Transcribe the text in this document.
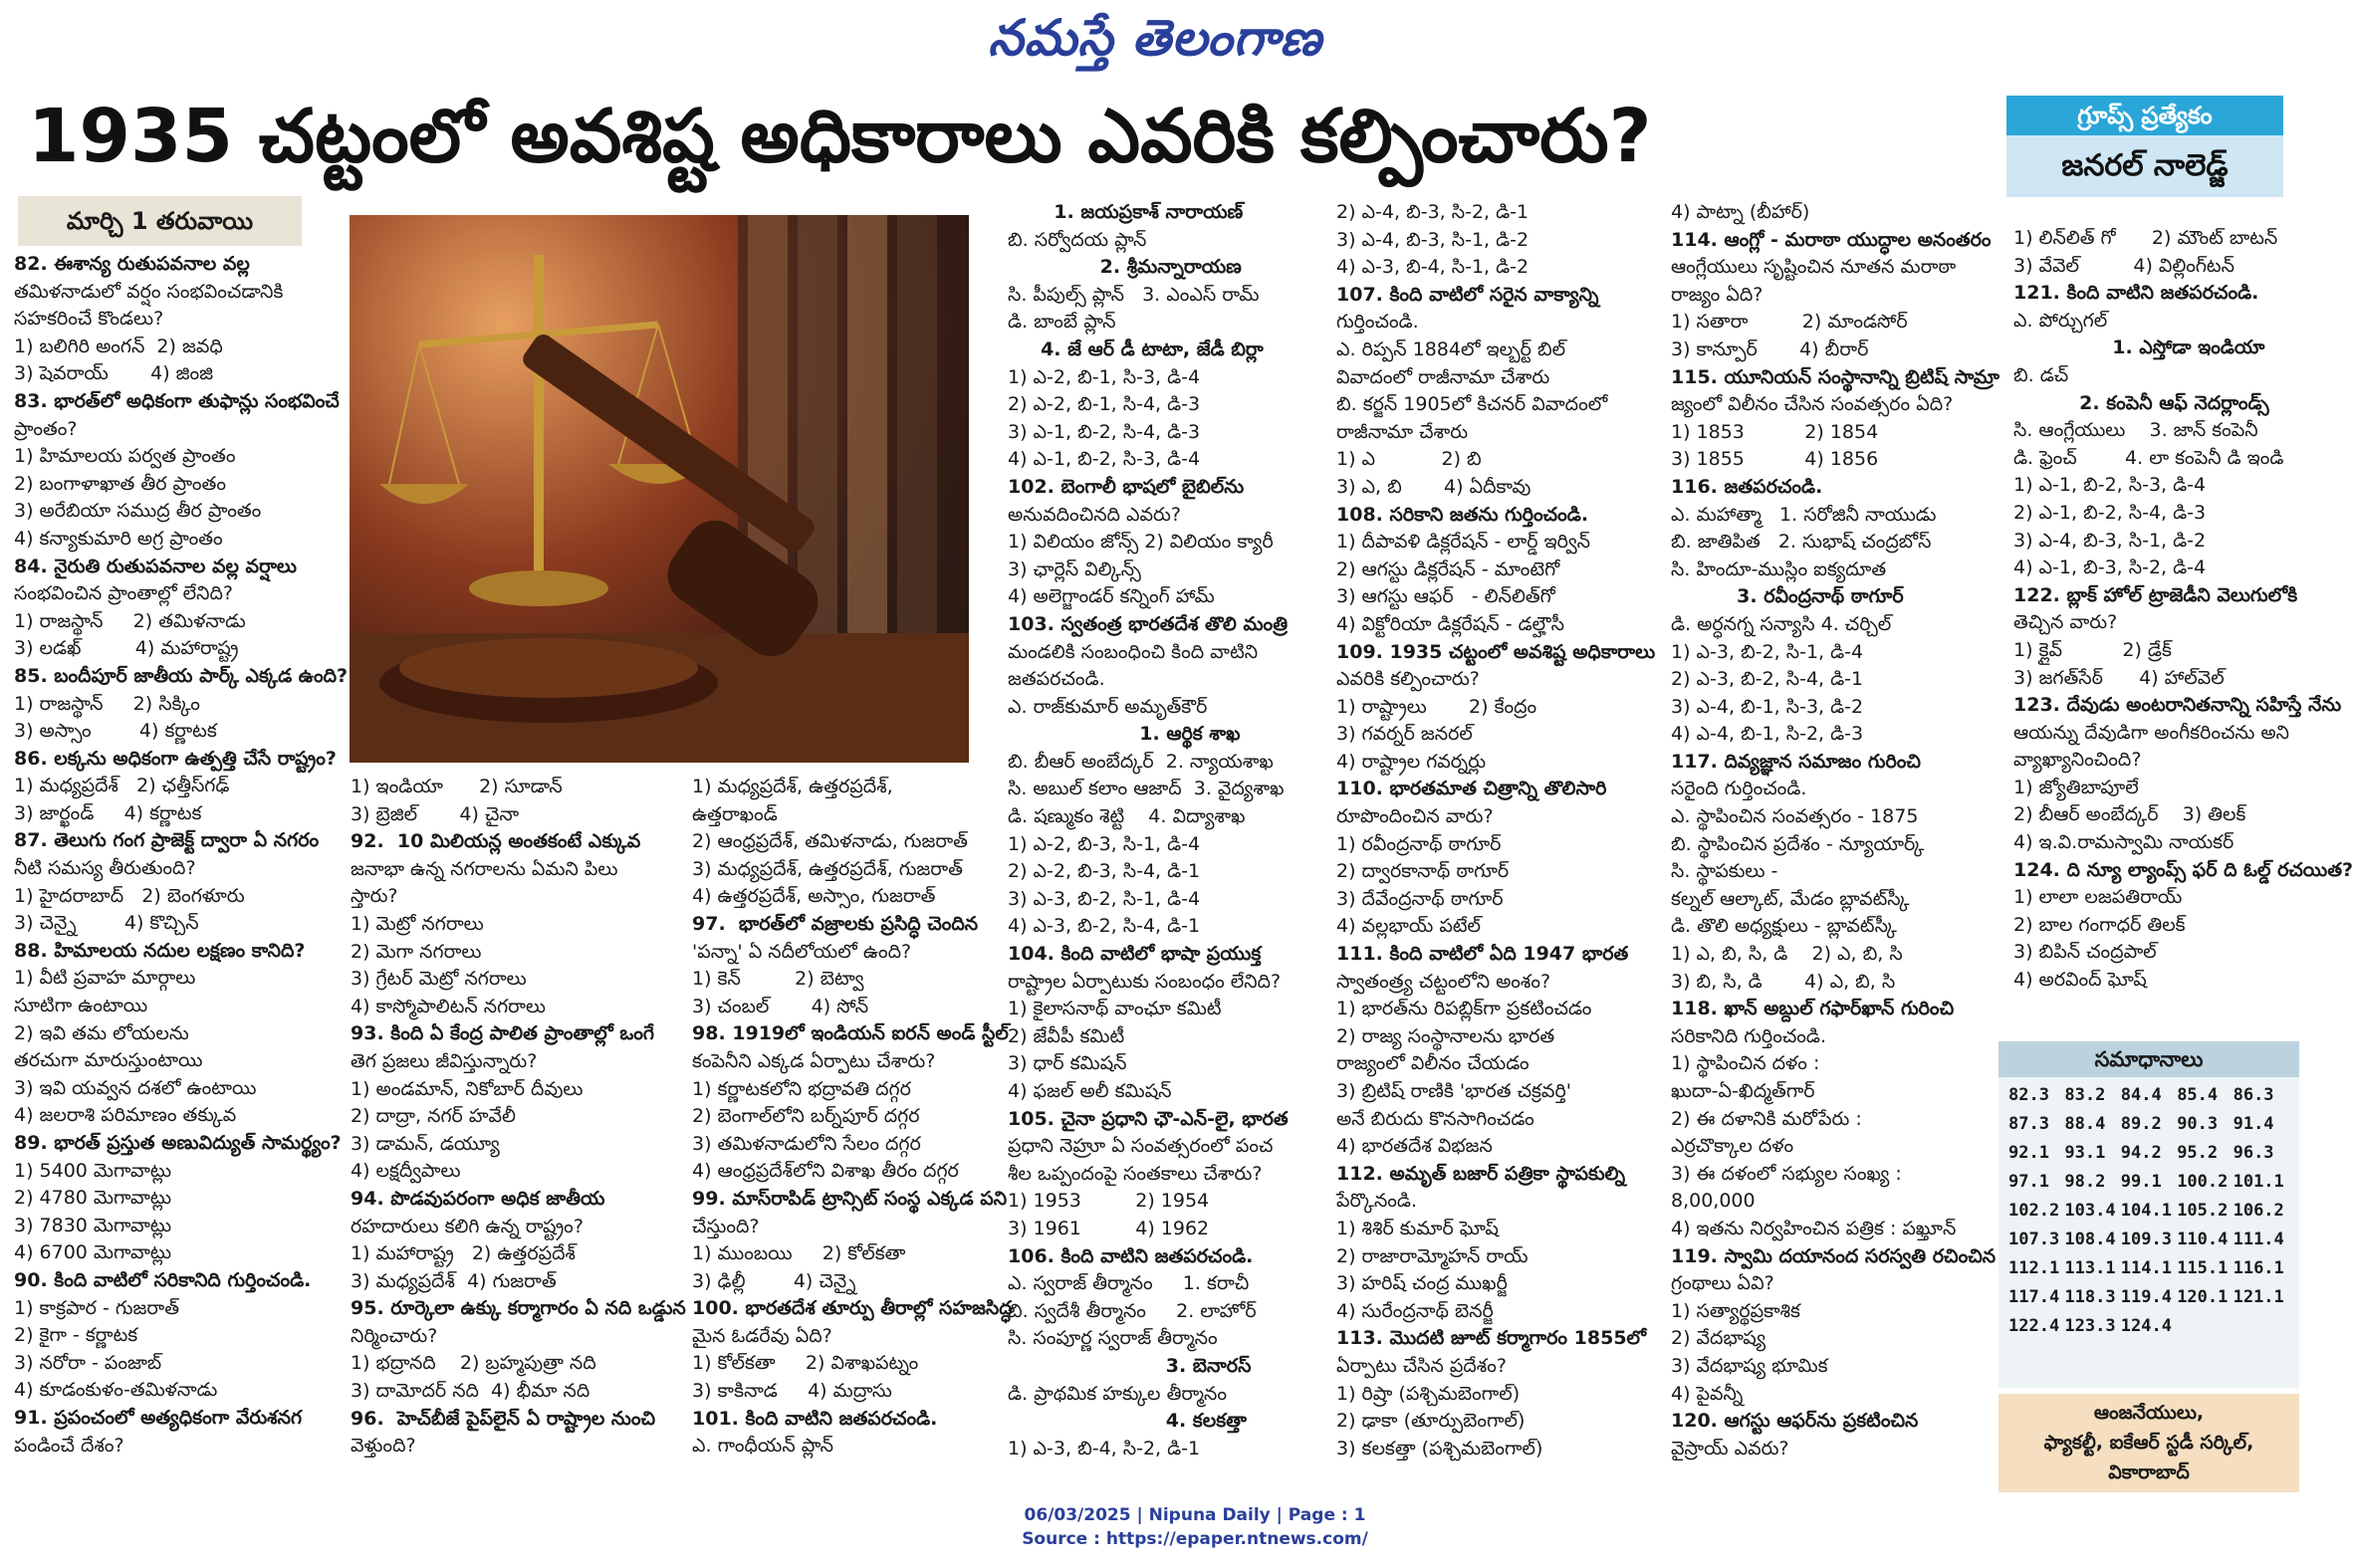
నమస్తే తెలంగాణ
1935 చట్టంలో అవశిష్ట అధికారాలు ఎవరికి కల్పించారు?	గ్రూప్స్ ప్రత్యేకం
జనరల్ నాలెడ్జ్
మార్చి 1 తరువాయి
82. ఈశాన్య రుతుపవనాల వల్ల
తమిళనాడులో వర్షం సంభవించడానికి
సహకరించే కొండలు?
1) బలిగిరి అంగన్  2) జవధి
3) షెవరాయ్       4) జింజి
83. భారత్‌లో అధికంగా తుఫాన్లు సంభవించే
ప్రాంతం?
1) హిమాలయ పర్వత ప్రాంతం
2) బంగాళాఖాత తీర ప్రాంతం
3) అరేబియా సముద్ర తీర ప్రాంతం
4) కన్యాకుమారి అగ్ర ప్రాంతం
84. నైరుతి రుతుపవనాల వల్ల వర్షాలు
సంభవించిన ప్రాంతాల్లో లేనిది?
1) రాజస్థాన్     2) తమిళనాడు
3) లడఖ్         4) మహారాష్ట్ర
85. బందీపూర్ జాతీయ పార్క్ ఎక్కడ ఉంది?
1) రాజస్థాన్     2) సిక్కిం
3) అస్సాం        4) కర్ణాటక
86. లక్కను అధికంగా ఉత్పత్తి చేసే రాష్ట్రం?
1) మధ్యప్రదేశ్   2) ఛత్తీస్‌గఢ్
3) జార్ఖండ్     4) కర్ణాటక
87. తెలుగు గంగ ప్రాజెక్ట్ ద్వారా ఏ నగరం
నీటి సమస్య తీరుతుంది?
1) హైదరాబాద్   2) బెంగళూరు
3) చెన్నై        4) కొచ్చిన్
88. హిమాలయ నదుల లక్షణం కానిది?
1) వీటి ప్రవాహ మార్గాలు
సూటిగా ఉంటాయి
2) ఇవి తమ లోయలను
తరచుగా మారుస్తుంటాయి
3) ఇవి యవ్వన దశలో ఉంటాయి
4) జలరాశి పరిమాణం తక్కువ
89. భారత్ ప్రస్తుత అణువిద్యుత్ సామర్థ్యం?
1) 5400 మెగావాట్లు
2) 4780 మెగావాట్లు
3) 7830 మెగావాట్లు
4) 6700 మెగావాట్లు
90. కింది వాటిలో సరికానిది గుర్తించండి.
1) కాక్రపార - గుజరాత్
2) కైగా - కర్ణాటక
3) నరోరా - పంజాబ్
4) కూడంకుళం-తమిళనాడు
91. ప్రపంచంలో అత్యధికంగా వేరుశనగ
పండించే దేశం?
1) ఇండియా      2) సూడాన్
3) బ్రెజిల్       4) చైనా
92.  10 మిలియన్ల అంతకంటే ఎక్కువ
జనాభా ఉన్న నగరాలను ఏమని పిలు
స్తారు?
1) మెట్రో నగరాలు
2) మెగా నగరాలు
3) గ్రేటర్ మెట్రో నగరాలు
4) కాస్మోపాలిటన్ నగరాలు
93. కింది ఏ కేంద్ర పాలిత ప్రాంతాల్లో ఒంగే
తెగ ప్రజలు జీవిస్తున్నారు?
1) అండమాన్, నికోబార్ దీవులు
2) దాద్రా, నగర్ హవేలీ
3) డామన్, డయ్యూ
4) లక్షద్వీపాలు
94. పొడవుపరంగా అధిక జాతీయ
రహదారులు కలిగి ఉన్న రాష్ట్రం?
1) మహారాష్ట్ర   2) ఉత్తరప్రదేశ్
3) మధ్యప్రదేశ్  4) గుజరాత్
95. రూర్కెలా ఉక్కు కర్మాగారం ఏ నది ఒడ్డున
నిర్మించారు?
1) భద్రానది    2) బ్రహ్మపుత్రా నది
3) దామోదర్ నది  4) భీమా నది
96.  హెచ్‌బీజే పైప్‌లైన్ ఏ రాష్ట్రాల నుంచి
వెళ్తుంది?
1) మధ్యప్రదేశ్, ఉత్తరప్రదేశ్,
ఉత్తరాఖండ్
2) ఆంధ్రప్రదేశ్, తమిళనాడు, గుజరాత్
3) మధ్యప్రదేశ్, ఉత్తరప్రదేశ్, గుజరాత్
4) ఉత్తరప్రదేశ్, అస్సాం, గుజరాత్
97.  భారత్‌లో వజ్రాలకు ప్రసిద్ధి చెందిన
'పన్నా' ఏ నదీలోయలో ఉంది?
1) కెన్         2) బెట్వా
3) చంబల్       4) సోన్
98. 1919లో ఇండియన్ ఐరన్ అండ్ స్టీల్
కంపెనీని ఎక్కడ ఏర్పాటు చేశారు?
1) కర్ణాటకలోని భద్రావతి దగ్గర
2) బెంగాల్‌లోని బర్న్‌పూర్ దగ్గర
3) తమిళనాడులోని సేలం దగ్గర
4) ఆంధ్రప్రదేశ్‌లోని విశాఖ తీరం దగ్గర
99. మాస్‌రాపిడ్ ట్రాన్సిట్ సంస్థ ఎక్కడ పని
చేస్తుంది?
1) ముంబయి     2) కోల్‌కతా
3) ఢిల్లీ        4) చెన్నై
100. భారతదేశ తూర్పు తీరాల్లో సహజసిద్ధ
మైన ఓడరేవు ఏది?
1) కోల్‌కతా     2) విశాఖపట్నం
3) కాకినాడ     4) మద్రాసు
101. కింది వాటిని జతపరచండి.
ఎ. గాంధీయన్ ప్లాన్
1. జయప్రకాశ్ నారాయణ్
బి. సర్వోదయ ప్లాన్
2. శ్రీమన్నారాయణ
సి. పీపుల్స్ ప్లాన్   3. ఎంఎస్ రామ్
డి. బాంబే ప్లాన్
4. జే ఆర్ డీ టాటా, జేడీ బిర్లా
1) ఎ-2, బి-1, సి-3, డి-4
2) ఎ-2, బి-1, సి-4, డి-3
3) ఎ-1, బి-2, సి-4, డి-3
4) ఎ-1, బి-2, సి-3, డి-4
102. బెంగాలీ భాషలో బైబిల్‌ను
అనువదించినది ఎవరు?
1) విలియం జోన్స్ 2) విలియం క్యారీ
3) ఛార్లెస్ విల్కిన్స్
4) అలెగ్జాండర్ కన్నింగ్ హామ్
103. స్వతంత్ర భారతదేశ తొలి మంత్రి
మండలికి సంబంధించి కింది వాటిని
జతపరచండి.
ఎ. రాజ్‌కుమార్ అమృత్‌కౌర్
1. ఆర్థిక శాఖ
బి. బీఆర్ అంబేద్కర్  2. న్యాయశాఖ
సి. అబుల్ కలాం ఆజాద్  3. వైద్యశాఖ
డి. షణ్ముకం శెట్టి    4. విద్యాశాఖ
1) ఎ-2, బి-3, సి-1, డి-4
2) ఎ-2, బి-3, సి-4, డి-1
3) ఎ-3, బి-2, సి-1, డి-4
4) ఎ-3, బి-2, సి-4, డి-1
104. కింది వాటిలో భాషా ప్రయుక్త
రాష్ట్రాల ఏర్పాటుకు సంబంధం లేనిది?
1) కైలాసనాథ్ వాంఛూ కమిటీ
2) జేవీపీ కమిటీ
3) ధార్ కమిషన్
4) ఫజల్ అలీ కమిషన్
105. చైనా ప్రధాని ఛౌ-ఎన్-లై, భారత
ప్రధాని నెహ్రూ ఏ సంవత్సరంలో పంచ
శీల ఒప్పందంపై సంతకాలు చేశారు?
1) 1953         2) 1954
3) 1961         4) 1962
106. కింది వాటిని జతపరచండి.
ఎ. స్వరాజ్ తీర్మానం     1. కరాచీ
బి. స్వదేశీ తీర్మానం     2. లాహోర్
సి. సంపూర్ణ స్వరాజ్ తీర్మానం
3. బెనారస్
డి. ప్రాథమిక హక్కుల తీర్మానం
4. కలకత్తా
1) ఎ-3, బి-4, సి-2, డి-1
2) ఎ-4, బి-3, సి-2, డి-1
3) ఎ-4, బి-3, సి-1, డి-2
4) ఎ-3, బి-4, సి-1, డి-2
107. కింది వాటిలో సరైన వాక్యాన్ని
గుర్తించండి.
ఎ. రిప్పన్ 1884లో ఇల్బర్ట్ బిల్
వివాదంలో రాజీనామా చేశారు
బి. కర్జన్ 1905లో కిచనర్ వివాదంలో
రాజీనామా చేశారు
1) ఎ           2) బి
3) ఎ, బి       4) ఏదీకావు
108. సరికాని జతను గుర్తించండి.
1) దీపావళి డిక్లరేషన్ - లార్డ్ ఇర్విన్
2) ఆగస్టు డిక్లరేషన్ - మాంటెగో
3) ఆగస్టు ఆఫర్   - లిన్‌లిత్‌గో
4) విక్టోరియా డిక్లరేషన్ - డల్హౌసీ
109. 1935 చట్టంలో అవశిష్ట అధికారాలు
ఎవరికి కల్పించారు?
1) రాష్ట్రాలు       2) కేంద్రం
3) గవర్నర్ జనరల్
4) రాష్ట్రాల గవర్నర్లు
110. భారతమాత చిత్రాన్ని తొలిసారి
రూపొందించిన వారు?
1) రవీంద్రనాథ్ ఠాగూర్
2) ద్వారకానాథ్ ఠాగూర్
3) దేవేంద్రనాథ్ ఠాగూర్
4) వల్లభాయ్ పటేల్
111. కింది వాటిలో ఏది 1947 భారత
స్వాతంత్ర్య చట్టంలోని అంశం?
1) భారత్‌ను రిపబ్లిక్‌గా ప్రకటించడం
2) రాజ్య సంస్థానాలను భారత
రాజ్యంలో విలీనం చేయడం
3) బ్రిటిష్ రాణికి 'భారత చక్రవర్తి'
అనే బిరుదు కొనసాగించడం
4) భారతదేశ విభజన
112. అమృత్ బజార్ పత్రికా స్థాపకుల్ని
పేర్కొనండి.
1) శిశిర్ కుమార్ ఘోష్
2) రాజారామ్మోహన్ రాయ్
3) హరిష్ చంద్ర ముఖర్జీ
4) సురేంద్రనాథ్ బెనర్జీ
113. మొదటి జూట్ కర్మాగారం 1855లో
ఏర్పాటు చేసిన ప్రదేశం?
1) రిష్రా (పశ్చిమబెంగాల్)
2) ఢాకా (తూర్పుబెంగాల్)
3) కలకత్తా (పశ్చిమబెంగాల్)
4) పాట్నా (బీహార్)
114. ఆంగ్లో - మరాఠా యుద్ధాల అనంతరం
ఆంగ్లేయులు సృష్టించిన నూతన మరాఠా
రాజ్యం ఏది?
1) సతారా         2) మాండసోర్
3) కాన్పూర్       4) బీరార్
115. యూనియన్ సంస్థానాన్ని బ్రిటిష్ సామ్రా
జ్యంలో విలీనం చేసిన సంవత్సరం ఏది?
1) 1853          2) 1854
3) 1855          4) 1856
116. జతపరచండి.
ఎ. మహాత్మా   1. సరోజినీ నాయుడు
బి. జాతిపిత   2. సుభాష్ చంద్రబోస్
సి. హిందూ-ముస్లిం ఐక్యదూత
3. రవీంద్రనాథ్ ఠాగూర్
డి. అర్ధనగ్న సన్యాసి 4. చర్చిల్
1) ఎ-3, బి-2, సి-1, డి-4
2) ఎ-3, బి-2, సి-4, డి-1
3) ఎ-4, బి-1, సి-3, డి-2
4) ఎ-4, బి-1, సి-2, డి-3
117. దివ్యజ్ఞాన సమాజం గురించి
సరైంది గుర్తించండి.
ఎ. స్థాపించిన సంవత్సరం - 1875
బి. స్థాపించిన ప్రదేశం - న్యూయార్క్
సి. స్థాపకులు -
కల్నల్ ఆల్కాట్, మేడం బ్లావట్‌స్కీ
డి. తొలి అధ్యక్షులు - బ్లావట్‌స్కీ
1) ఎ, బి, సి, డి    2) ఎ, బి, సి
3) బి, సి, డి       4) ఎ, బి, సి
118. ఖాన్ అబ్దుల్ గఫార్‌ఖాన్ గురించి
సరికానిది గుర్తించండి.
1) స్థాపించిన దళం :
ఖుదా-ఏ-ఖిద్మత్‌గార్
2) ఈ దళానికి మరోపేరు :
ఎర్రచొక్కాల దళం
3) ఈ దళంలో సభ్యుల సంఖ్య :
8,00,000
4) ఇతను నిర్వహించిన పత్రిక : పఖ్తూన్
119. స్వామి దయానంద సరస్వతి రచించిన
గ్రంథాలు ఏవి?
1) సత్యార్థప్రకాశిక
2) వేదభాష్య
3) వేదభాష్య భూమిక
4) పైవన్నీ
120. ఆగస్టు ఆఫర్‌ను ప్రకటించిన
వైస్రాయ్ ఎవరు?
1) లిన్‌లిత్ గో      2) మౌంట్ బాటన్
3) వేవెల్         4) విల్లింగ్‌టన్
121. కింది వాటిని జతపరచండి.
ఎ. పోర్చుగల్
1. ఎస్తోడా ఇండియా
బి. డచ్
2. కంపెనీ ఆఫ్ నెదర్లాండ్స్
సి. ఆంగ్లేయులు    3. జాన్ కంపెనీ
డి. ఫ్రెంచ్        4. లా కంపెనీ డి ఇండి
1) ఎ-1, బి-2, సి-3, డి-4
2) ఎ-1, బి-2, సి-4, డి-3
3) ఎ-4, బి-3, సి-1, డి-2
4) ఎ-1, బి-3, సి-2, డి-4
122. బ్లాక్ హోల్ ట్రాజెడీని వెలుగులోకి
తెచ్చిన వారు?
1) క్లైవ్          2) డ్రేక్
3) జగత్‌సేఠ్      4) హాల్‌వెల్
123. దేవుడు అంటరానితనాన్ని సహిస్తే నేను
ఆయన్ను దేవుడిగా అంగీకరించను అని
వ్యాఖ్యానించింది?
1) జ్యోతిబాపూలే
2) బీఆర్ అంబేద్కర్    3) తిలక్
4) ఇ.వి.రామస్వామి నాయకర్
124. ది న్యూ ల్యాంప్స్ ఫర్ ది ఓల్డ్ రచయిత?
1) లాలా లజపతిరాయ్
2) బాల గంగాధర్ తిలక్
3) బిపిన్ చంద్రపాల్
4) అరవింద్ ఘోష్
సమాధానాలు
82.3 83.2 84.4 85.4 86.3
87.3 88.4 89.2 90.3 91.4
92.1 93.1 94.2 95.2 96.3
97.1 98.2 99.1 100.2 101.1
102.2 103.4 104.1 105.2 106.2
107.3 108.4 109.3 110.4 111.4
112.1 113.1 114.1 115.1 116.1
117.4 118.3 119.4 120.1 121.1
122.4 123.3 124.4
ఆంజనేయులు,
ఫ్యాకల్టీ, ఐకేఆర్ స్టడీ సర్కిల్,
వికారాబాద్
06/03/2025 | Nipuna Daily | Page : 1
Source : https://epaper.ntnews.com/
